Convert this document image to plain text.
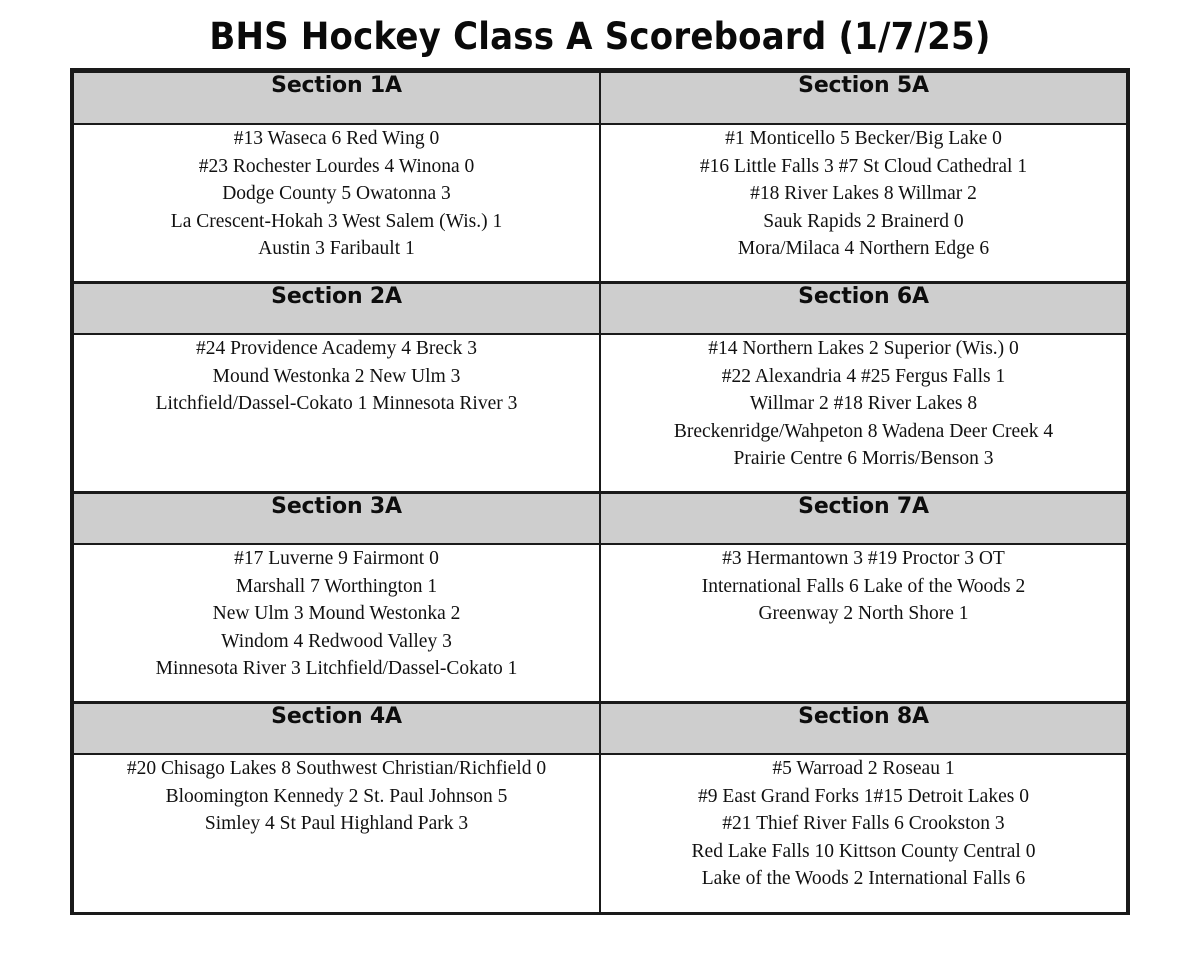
BHS Hockey Class A Scoreboard (1/7/25)
Section 1A	Section 5A

#13 Waseca 6 Red Wing 0
#23 Rochester Lourdes 4 Winona 0
Dodge County 5 Owatonna 3
La Crescent-Hokah 3 West Salem (Wis.) 1
Austin 3 Faribault 1

#1 Monticello 5 Becker/Big Lake 0
#16 Little Falls 3 #7 St Cloud Cathedral 1
#18 River Lakes 8 Willmar 2
Sauk Rapids 2 Brainerd 0
Mora/Milaca 4 Northern Edge 6

Section 2A	Section 6A

#24 Providence Academy 4 Breck 3
Mound Westonka 2 New Ulm 3
Litchfield/Dassel-Cokato 1 Minnesota River 3

#14 Northern Lakes 2 Superior (Wis.) 0
#22 Alexandria 4 #25 Fergus Falls 1
Willmar 2 #18 River Lakes 8
Breckenridge/Wahpeton 8 Wadena Deer Creek 4
Prairie Centre 6 Morris/Benson 3

Section 3A	Section 7A

#17 Luverne 9 Fairmont 0
Marshall 7 Worthington 1
New Ulm 3 Mound Westonka 2
Windom 4 Redwood Valley 3
Minnesota River 3 Litchfield/Dassel-Cokato 1

#3 Hermantown 3 #19 Proctor 3 OT
International Falls 6 Lake of the Woods 2
Greenway 2 North Shore 1

Section 4A	Section 8A

#20 Chisago Lakes 8 Southwest Christian/Richfield 0
Bloomington Kennedy 2 St. Paul Johnson 5
Simley 4 St Paul Highland Park 3

#5 Warroad 2 Roseau 1
#9 East Grand Forks 1#15 Detroit Lakes 0
#21 Thief River Falls 6 Crookston 3
Red Lake Falls 10 Kittson County Central 0
Lake of the Woods 2 International Falls 6
